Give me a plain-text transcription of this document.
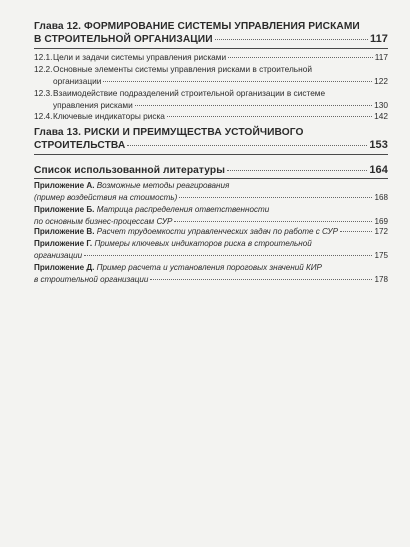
Глава 12. ФОРМИРОВАНИЕ СИСТЕМЫ УПРАВЛЕНИЯ РИСКАМИ
В СТРОИТЕЛЬНОЙ ОРГАНИЗАЦИИ	117
12.1. Цели и задачи системы управления рисками	117
12.2. Основные элементы системы управления рисками в строительной
организации	122
12.3. Взаимодействие подразделений строительной организации в системе
управления рисками	130
12.4. Ключевые индикаторы риска	142
Глава 13. РИСКИ И ПРЕИМУЩЕСТВА УСТОЙЧИВОГО
СТРОИТЕЛЬСТВА	153
Список использованной литературы	164
Приложение А. Возможные методы реагирования
(пример воздействия на стоимость)	168
Приложение Б. Матрица распределения ответственности
по основным бизнес-процессам СУР	169
Приложение В.
Расчет трудоемкости управленческих задач по работе с СУР	172
Приложение Г. Примеры ключевых индикаторов риска в строительной
организации	175
Приложение Д. Пример расчета и установления пороговых значений КИР
в строительной организации	178
